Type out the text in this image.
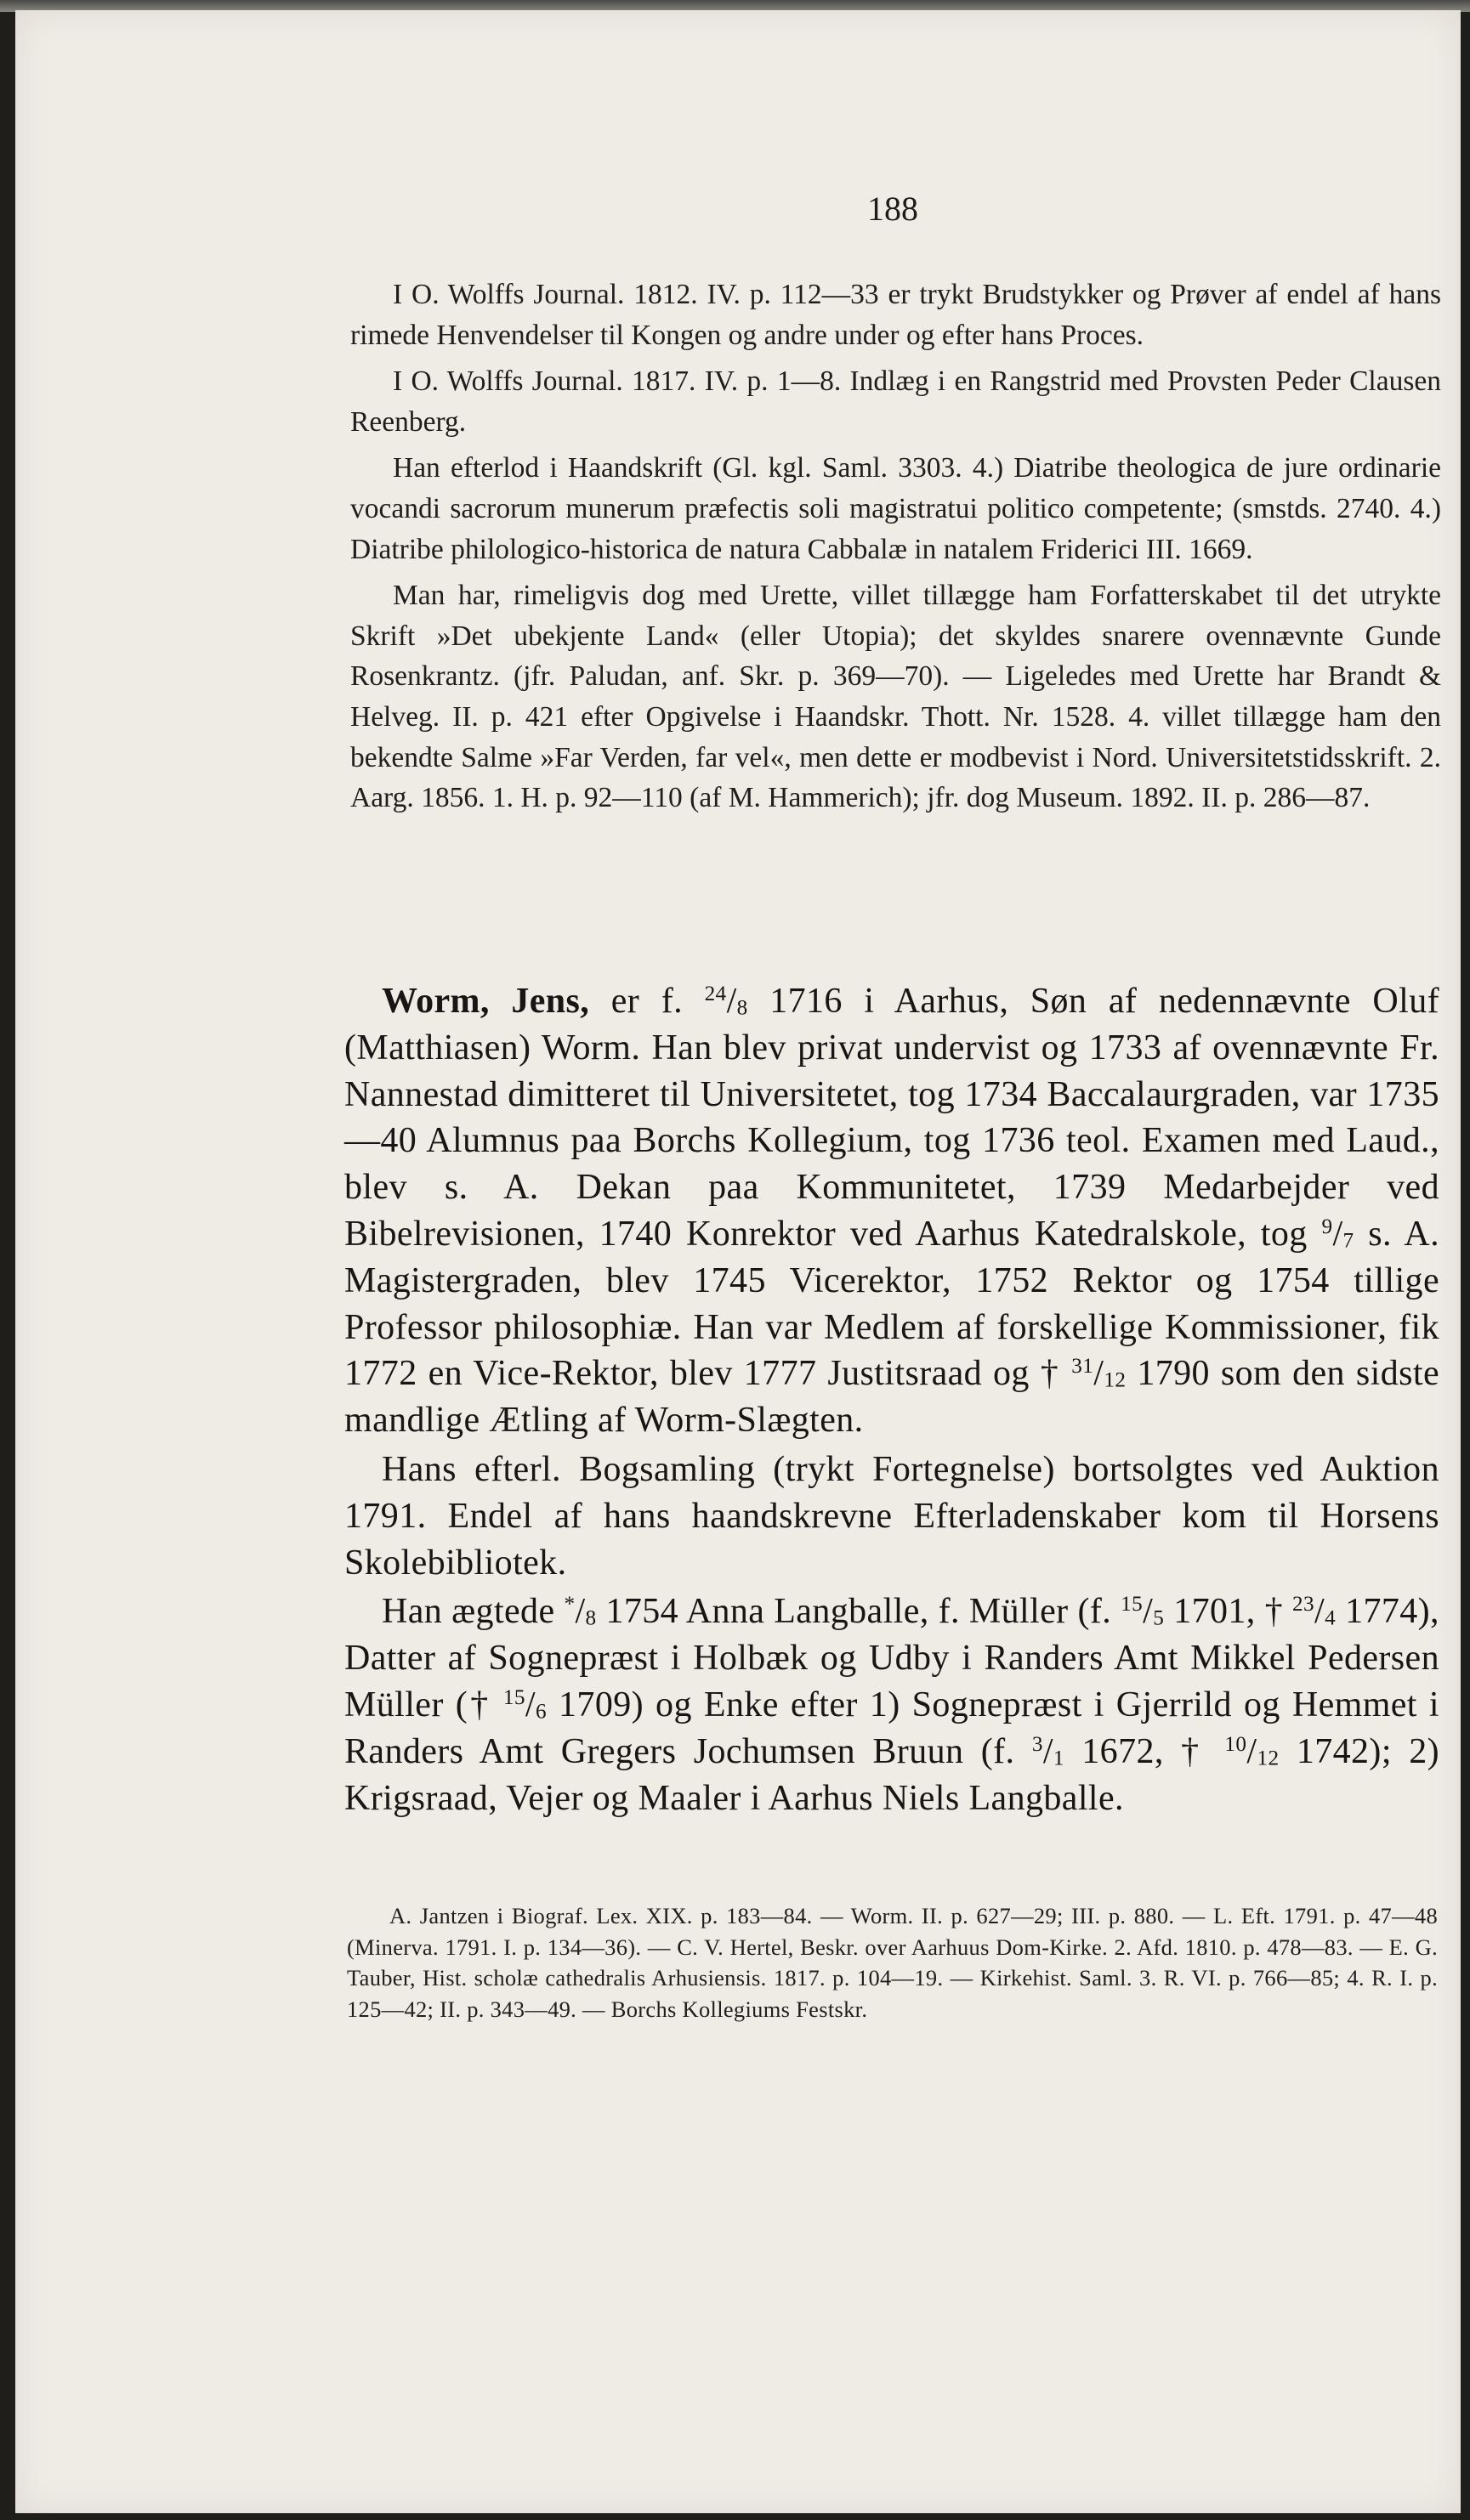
188

I O. Wolffs Journal. 1812. IV. p. 112—33 er trykt Brudstykker og Prøver af endel af hans rimede Henvendelser til Kongen og andre under og efter hans Proces.

I O. Wolffs Journal. 1817. IV. p. 1—8. Indlæg i en Rangstrid med Provsten Peder Clausen Reenberg.

Han efterlod i Haandskrift (Gl. kgl. Saml. 3303. 4.) Diatribe theologica de jure ordinarie vocandi sacrorum munerum præfectis soli magistratui politico competente; (smstds. 2740. 4.) Diatribe philologico-historica de natura Cabbalæ in natalem Friderici III. 1669.

Man har, rimeligvis dog med Urette, villet tillægge ham Forfatterskabet til det utrykte Skrift »Det ubekjente Land« (eller Utopia); det skyldes snarere ovennævnte Gunde Rosenkrantz. (jfr. Paludan, anf. Skr. p. 369—70). — Ligeledes med Urette har Brandt & Helveg. II. p. 421 efter Opgivelse i Haandskr. Thott. Nr. 1528. 4. villet tillægge ham den bekendte Salme »Far Verden, far vel«, men dette er modbevist i Nord. Universitetstidsskrift. 2. Aarg. 1856. 1. H. p. 92—110 (af M. Hammerich); jfr. dog Museum. 1892. II. p. 286—87.

Worm, Jens, er f. $^{24}/_8$ 1716 i Aarhus, Søn af nedennævnte Oluf (Matthiasen) Worm. Han blev privat undervist og 1733 af ovennævnte Fr. Nannestad dimitteret til Universitetet, tog 1734 Baccalaurgraden, var 1735—40 Alumnus paa Borchs Kollegium, tog 1736 teol. Examen med Laud., blev s. A. Dekan paa Kommunitetet, 1739 Medarbejder ved Bibelrevisionen, 1740 Konrektor ved Aarhus Katedralskole, tog $^9/_7$ s. A. Magistergraden, blev 1745 Vicerektor, 1752 Rektor og 1754 tillige Professor philosophiæ. Han var Medlem af forskellige Kommissioner, fik 1772 en Vice-Rektor, blev 1777 Justitsraad og † $^{31}/_{12}$ 1790 som den sidste mandlige Ætling af Worm-Slægten.

Hans efterl. Bogsamling (trykt Fortegnelse) bortsolgtes ved Auktion 1791. Endel af hans haandskrevne Efterladenskaber kom til Horsens Skolebibliotek.

Han ægtede $^*/_8$ 1754 Anna Langballe, f. Müller (f. $^{15}/_5$ 1701, † $^{23}/_4$ 1774), Datter af Sognepræst i Holbæk og Udby i Randers Amt Mikkel Pedersen Müller († $^{15}/_6$ 1709) og Enke efter 1) Sognepræst i Gjerrild og Hemmet i Randers Amt Gregers Jochumsen Bruun (f. $^3/_1$ 1672, † $^{10}/_{12}$ 1742); 2) Krigsraad, Vejer og Maaler i Aarhus Niels Langballe.

A. Jantzen i Biograf. Lex. XIX. p. 183—84. — Worm. II. p. 627—29; III. p. 880. — L. Eft. 1791. p. 47—48 (Minerva. 1791. I. p. 134—36). — C. V. Hertel, Beskr. over Aarhuus Dom-Kirke. 2. Afd. 1810. p. 478—83. — E. G. Tauber, Hist. scholæ cathedralis Arhusiensis. 1817. p. 104—19. — Kirkehist. Saml. 3. R. VI. p. 766—85; 4. R. I. p. 125—42; II. p. 343—49. — Borchs Kollegiums Festskr.
